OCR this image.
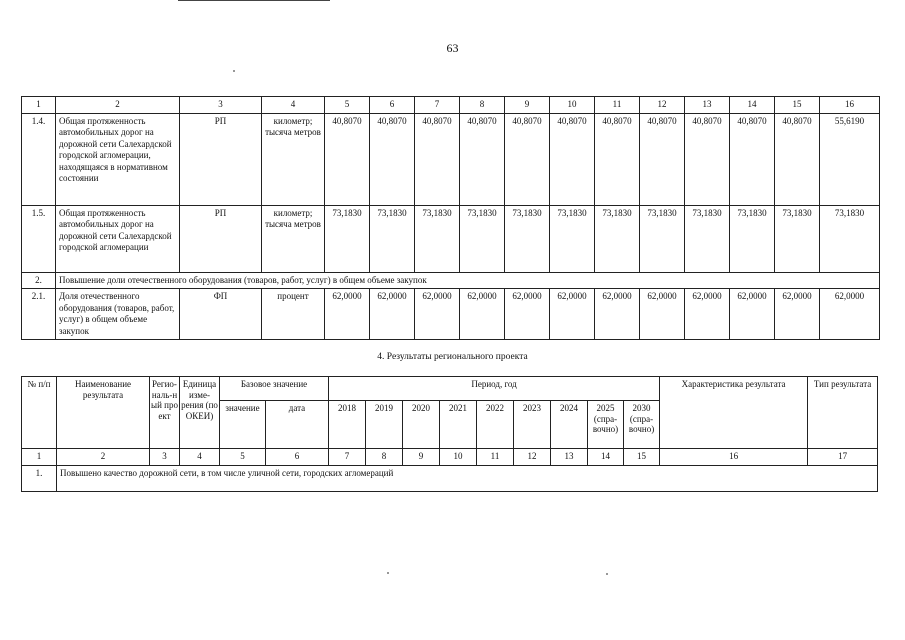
63
1	2	3	4	5	6	7	8	9	10	11	12	13	14	15	16
1.4.	Общая протяженность автомобильных дорог на дорожной сети Салехардской городской агломерации, находящаяся в нормативном состоянии	РП	километр; тысяча метров	40,8070	40,8070	40,8070	40,8070	40,8070	40,8070	40,8070	40,8070	40,8070	40,8070	40,8070	55,6190
1.5.	Общая протяженность автомобильных дорог на дорожной сети Салехардской городской агломерации	РП	километр; тысяча метров	73,1830	73,1830	73,1830	73,1830	73,1830	73,1830	73,1830	73,1830	73,1830	73,1830	73,1830	73,1830
2.	Повышение доли отечественного оборудования (товаров, работ, услуг) в общем объеме закупок														
2.1.	Доля отечественного оборудования (товаров, работ, услуг) в общем объеме закупок	ФП	процент	62,0000	62,0000	62,0000	62,0000	62,0000	62,0000	62,0000	62,0000	62,0000	62,0000	62,0000	62,0000
4. Результаты регионального проекта
№ п/п	Наименование результата	Регио-наль-ный проект	Единица изме-рения (по ОКЕИ)	Базовое значение		Период, год									Характеристика результата	Тип результата
				значение	дата	2018	2019	2020	2021	2022	2023	2024	2025 (спра-вочно)	2030 (спра-вочно)		
1	2	3	4	5	6	7	8	9	10	11	12	13	14	15	16	17
1.	Повышено качество дорожной сети, в том числе уличной сети, городских агломераций															
